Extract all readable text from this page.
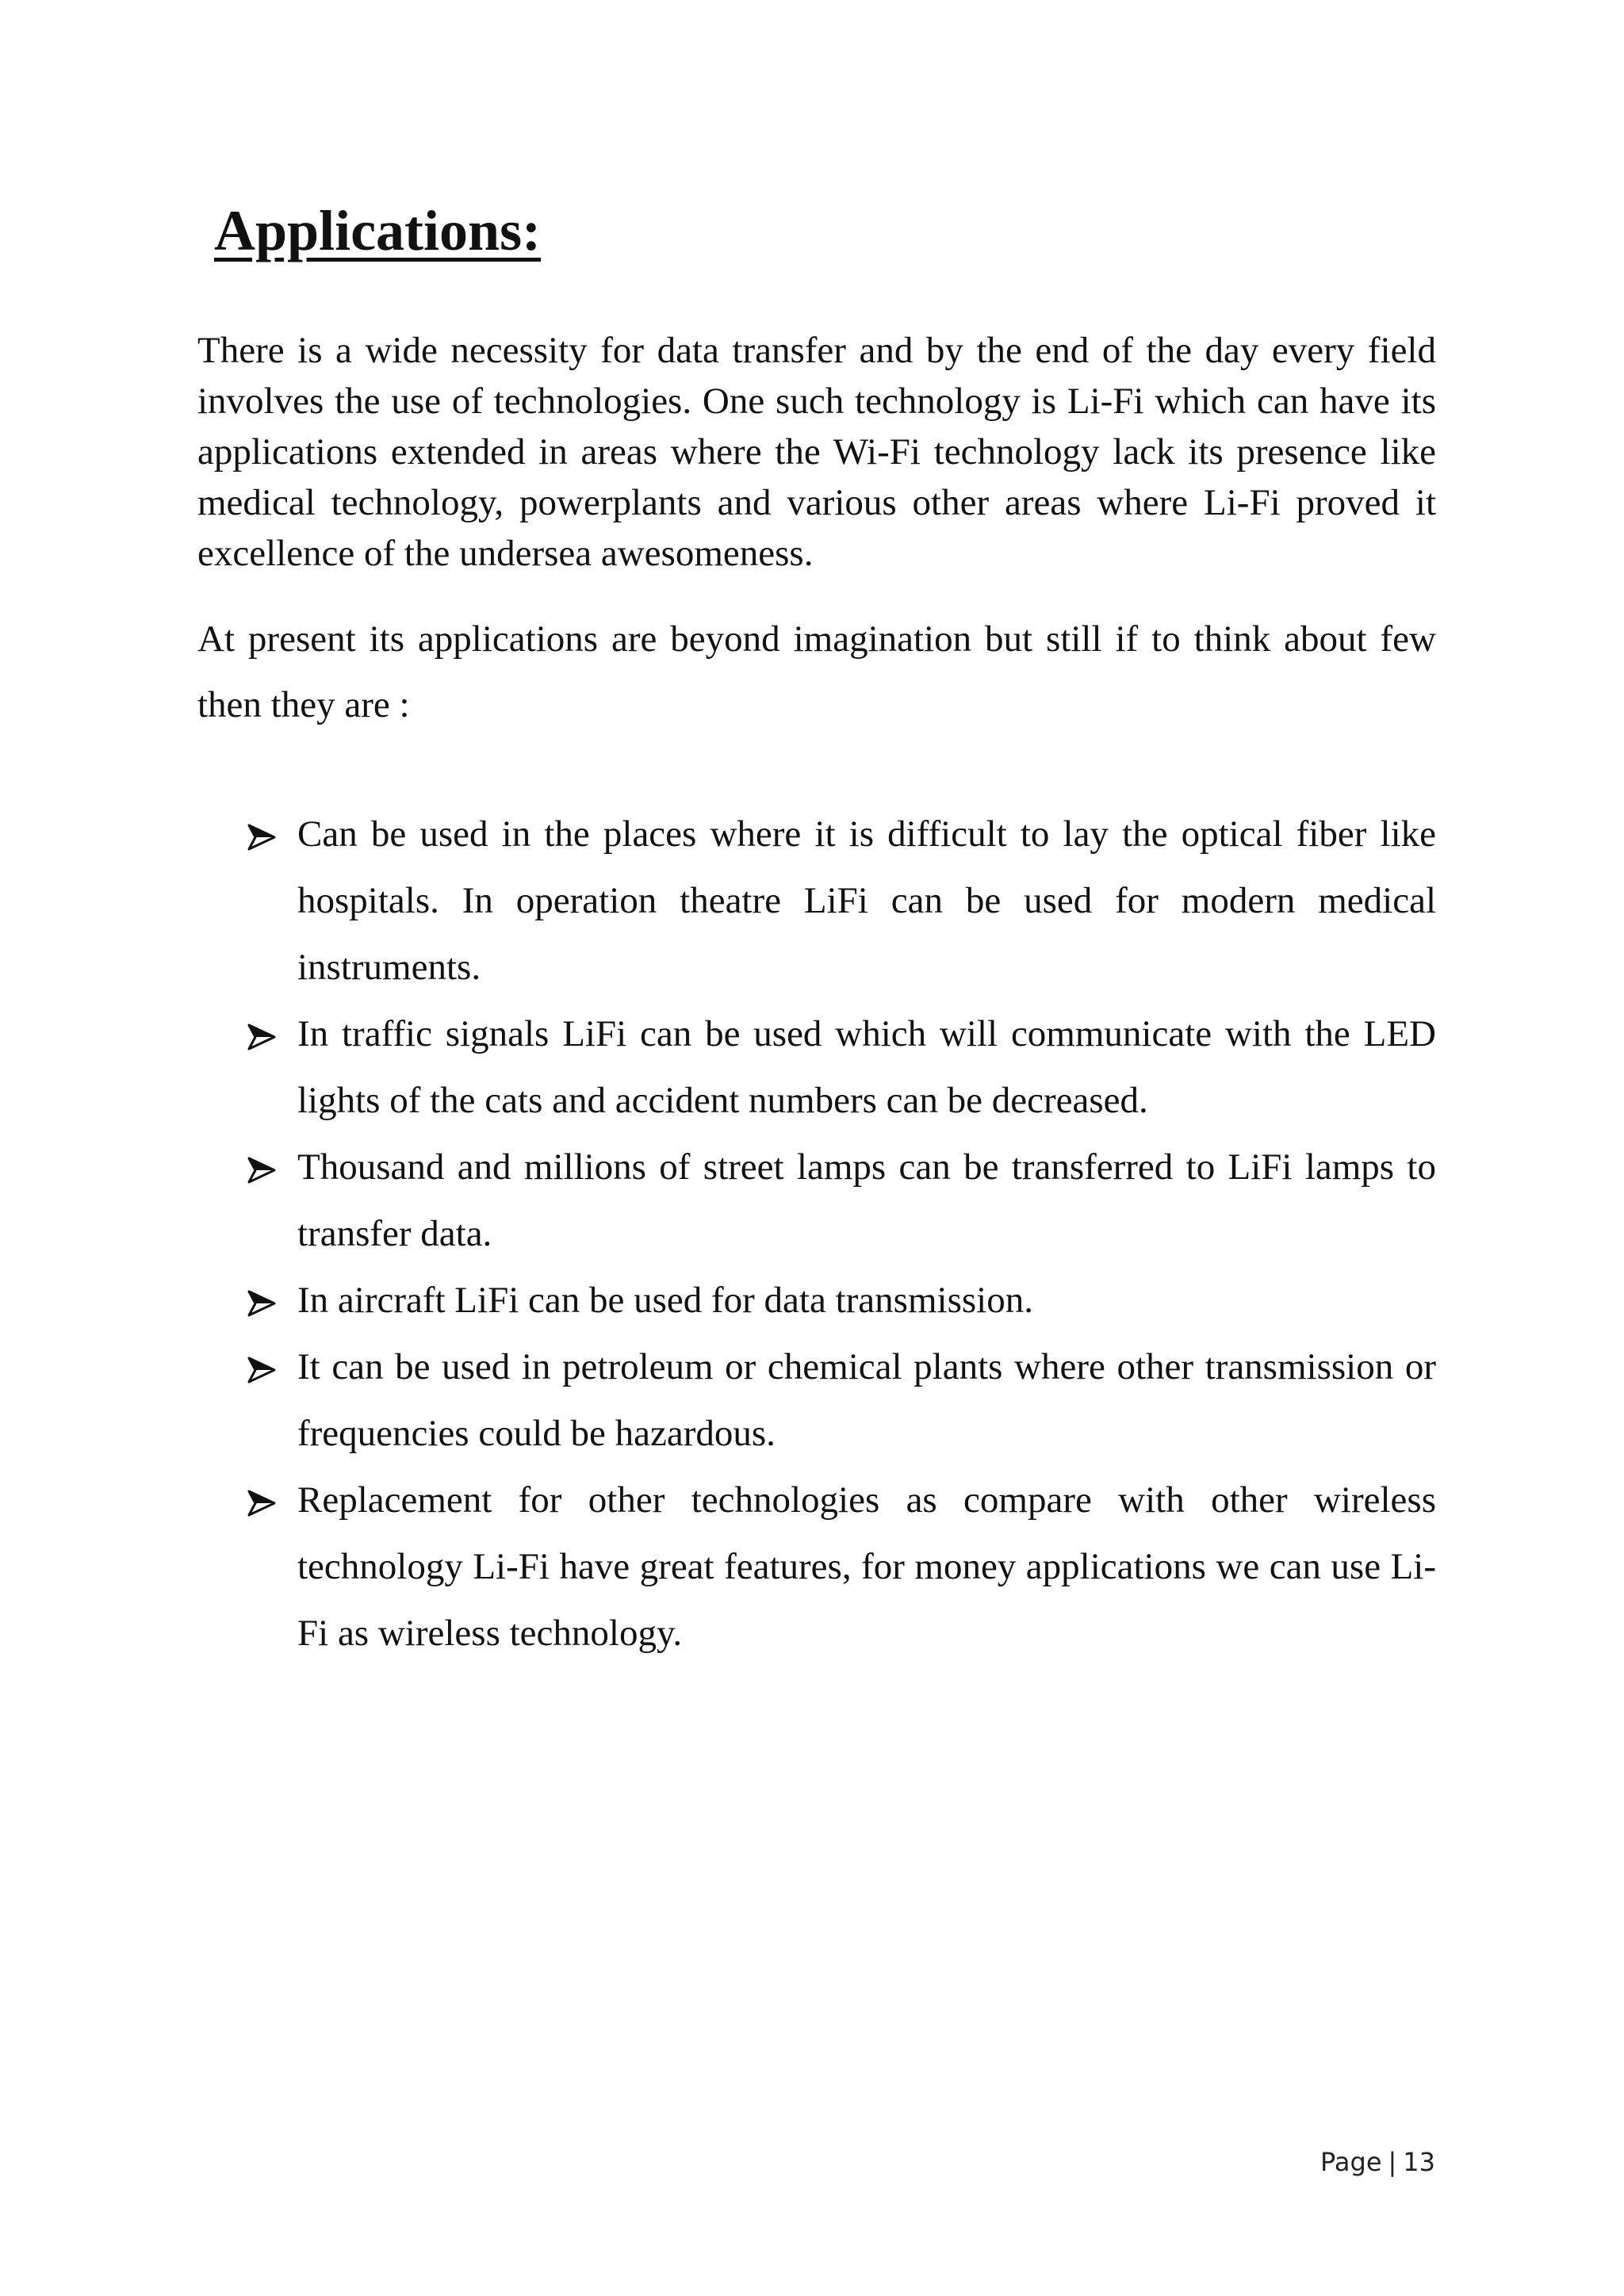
Applications:

There is a wide necessity for data transfer and by the end of the day every field involves the use of technologies. One such technology is Li-Fi which can have its applications extended in areas where the Wi-Fi technology lack its presence like medical technology, powerplants and various other areas where Li-Fi proved it excellence of the undersea awesomeness.

At present its applications are beyond imagination but still if to think about few then they are :

Can be used in the places where it is difficult to lay the optical fiber like hospitals. In operation theatre LiFi can be used for modern medical instruments.
In traffic signals LiFi can be used which will communicate with the LED lights of the cats and accident numbers can be decreased.
Thousand and millions of street lamps can be transferred to LiFi lamps to transfer data.
In aircraft LiFi can be used for data transmission.
It can be used in petroleum or chemical plants where other transmission or frequencies could be hazardous.
Replacement for other technologies as compare with other wireless technology Li-Fi have great features, for money applications we can use Li-Fi as wireless technology.
Page | 13
